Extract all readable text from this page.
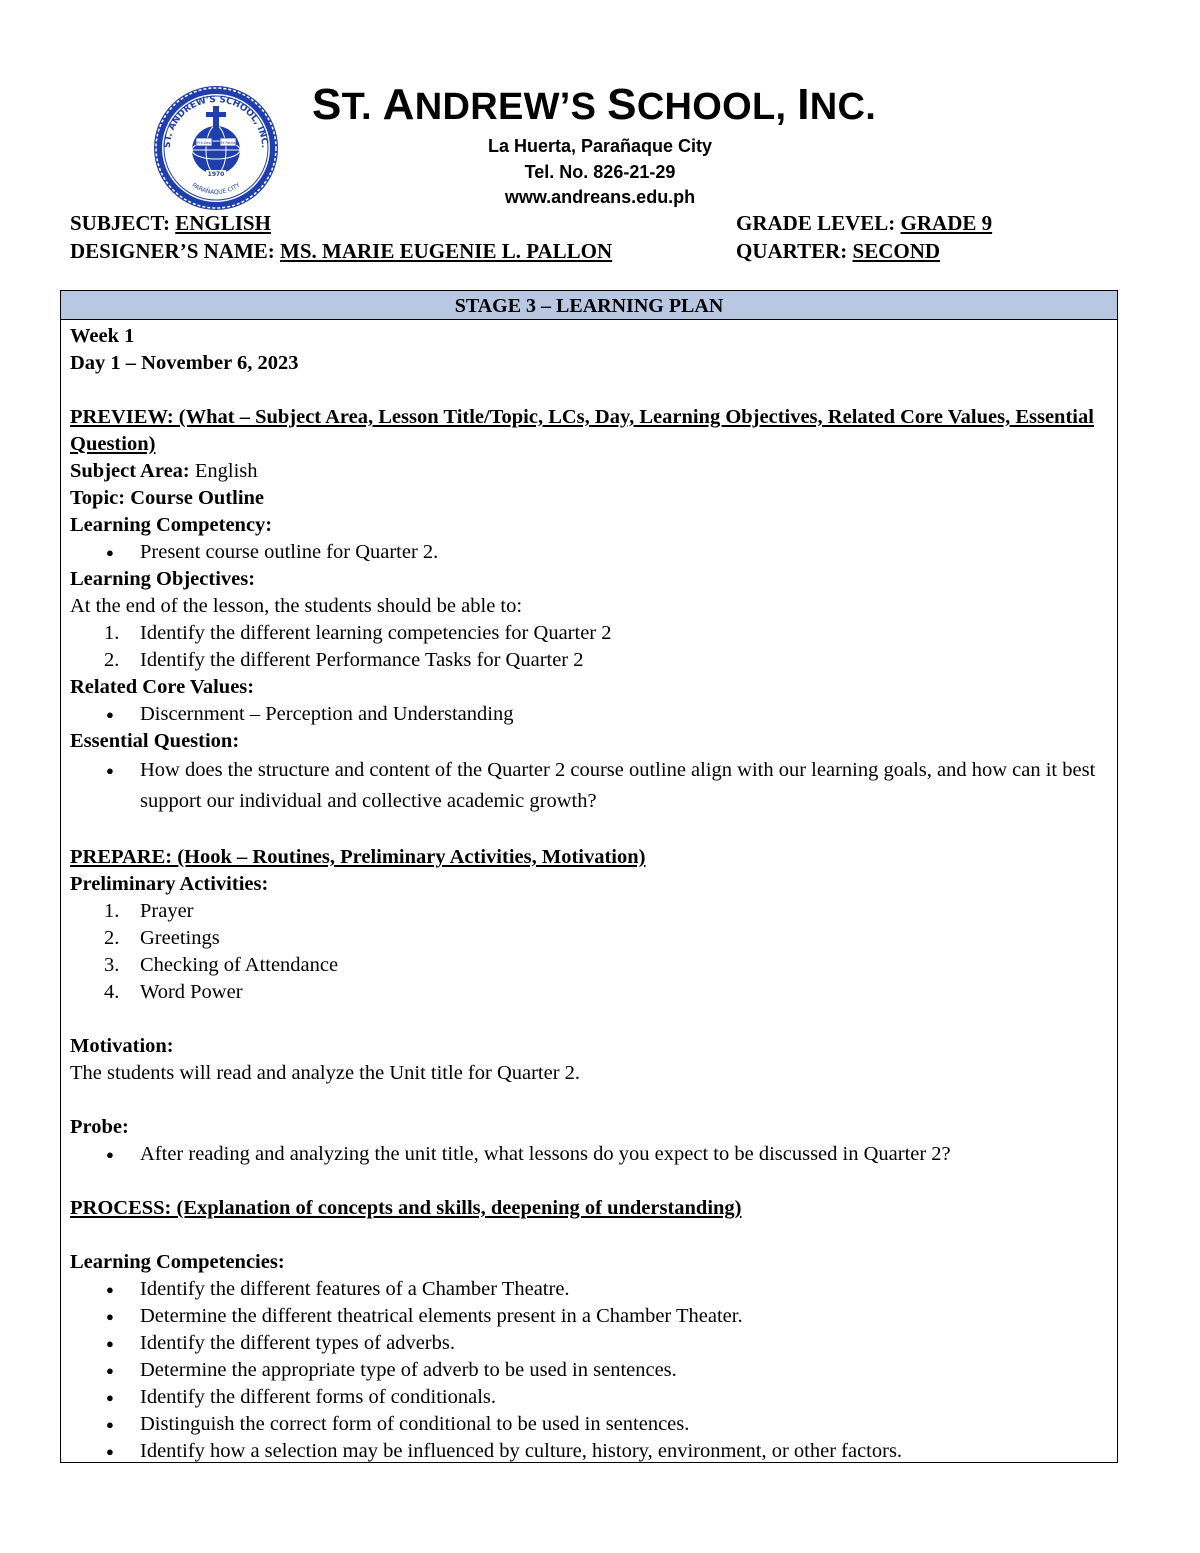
ST. ANDREW'S SCHOOL, INC.
PARAÑAQUE CITY
Pro Deo	Et Patria
1970
ST. ANDREW’S SCHOOL, INC.
La Huerta, Parañaque City
Tel. No. 826-21-29
www.andreans.edu.ph
SUBJECT: ENGLISH
DESIGNER’S NAME: MS. MARIE EUGENIE L. PALLON
GRADE LEVEL: GRADE 9
QUARTER: SECOND
STAGE 3 – LEARNING PLAN

Week 1

Day 1 – November 6, 2023

PREVIEW: (What – Subject Area, Lesson Title/Topic, LCs, Day, Learning Objectives, Related Core Values, Essential Question)

Subject Area: English

Topic: Course Outline

Learning Competency:

● Present course outline for Quarter 2.

Learning Objectives:

At the end of the lesson, the students should be able to:

1. Identify the different learning competencies for Quarter 2
2. Identify the different Performance Tasks for Quarter 2

Related Core Values:

● Discernment – Perception and Understanding

Essential Question:

● How does the structure and content of the Quarter 2 course outline align with our learning goals, and how can it best support our individual and collective academic growth?

PREPARE: (Hook – Routines, Preliminary Activities, Motivation)

Preliminary Activities:

1. Prayer
2. Greetings
3. Checking of Attendance
4. Word Power

Motivation:

The students will read and analyze the Unit title for Quarter 2.

Probe:

● After reading and analyzing the unit title, what lessons do you expect to be discussed in Quarter 2?

PROCESS: (Explanation of concepts and skills, deepening of understanding)

Learning Competencies:

● Identify the different features of a Chamber Theatre.
● Determine the different theatrical elements present in a Chamber Theater.
● Identify the different types of adverbs.
● Determine the appropriate type of adverb to be used in sentences.
● Identify the different forms of conditionals.
● Distinguish the correct form of conditional to be used in sentences.
● Identify how a selection may be influenced by culture, history, environment, or other factors.
